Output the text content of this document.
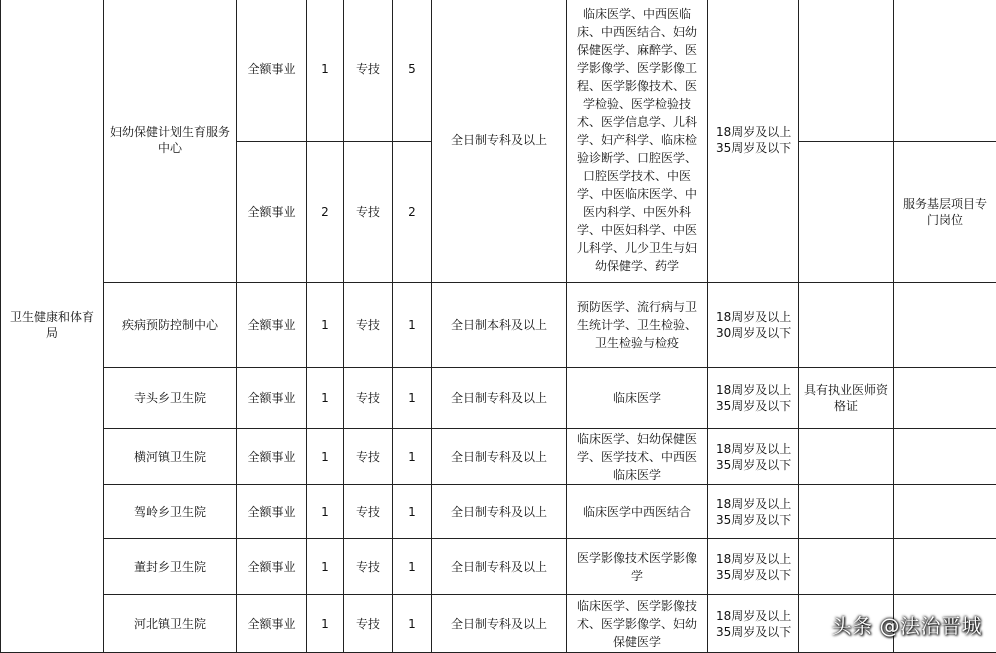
卫生健康和体育局	妇幼保健计划生育服务中心	全额事业	1	专技	5	全日制专科及以上	临床医学、中西医临床、中西医结合、妇幼保健医学、麻醉学、医学影像学、医学影像工程、医学影像技术、医学检验、医学检验技术、医学信息学、儿科学、妇产科学、临床检验诊断学、口腔医学、口腔医学技术、中医学、中医临床医学、中医内科学、中医外科学、中医妇科学、中医儿科学、儿少卫生与妇幼保健学、药学	18周岁及以上35周岁及以下		
		全额事业	2	专技	2					服务基层项目专门岗位
	疾病预防控制中心	全额事业	1	专技	1	全日制本科及以上	预防医学、流行病与卫生统计学、卫生检验、卫生检验与检疫	18周岁及以上30周岁及以下		
	寺头乡卫生院	全额事业	1	专技	1	全日制专科及以上	临床医学	18周岁及以上35周岁及以下	具有执业医师资格证	
	横河镇卫生院	全额事业	1	专技	1	全日制专科及以上	临床医学、妇幼保健医学、医学技术、中西医临床医学	18周岁及以上35周岁及以下		
	驾岭乡卫生院	全额事业	1	专技	1	全日制专科及以上	临床医学中西医结合	18周岁及以上35周岁及以下		
	董封乡卫生院	全额事业	1	专技	1	全日制专科及以上	医学影像技术医学影像学	18周岁及以上35周岁及以下		
	河北镇卫生院	全额事业	1	专技	1	全日制专科及以上	临床医学、医学影像技术、医学影像学、妇幼保健医学	18周岁及以上35周岁及以下		头条 @法治晋城
